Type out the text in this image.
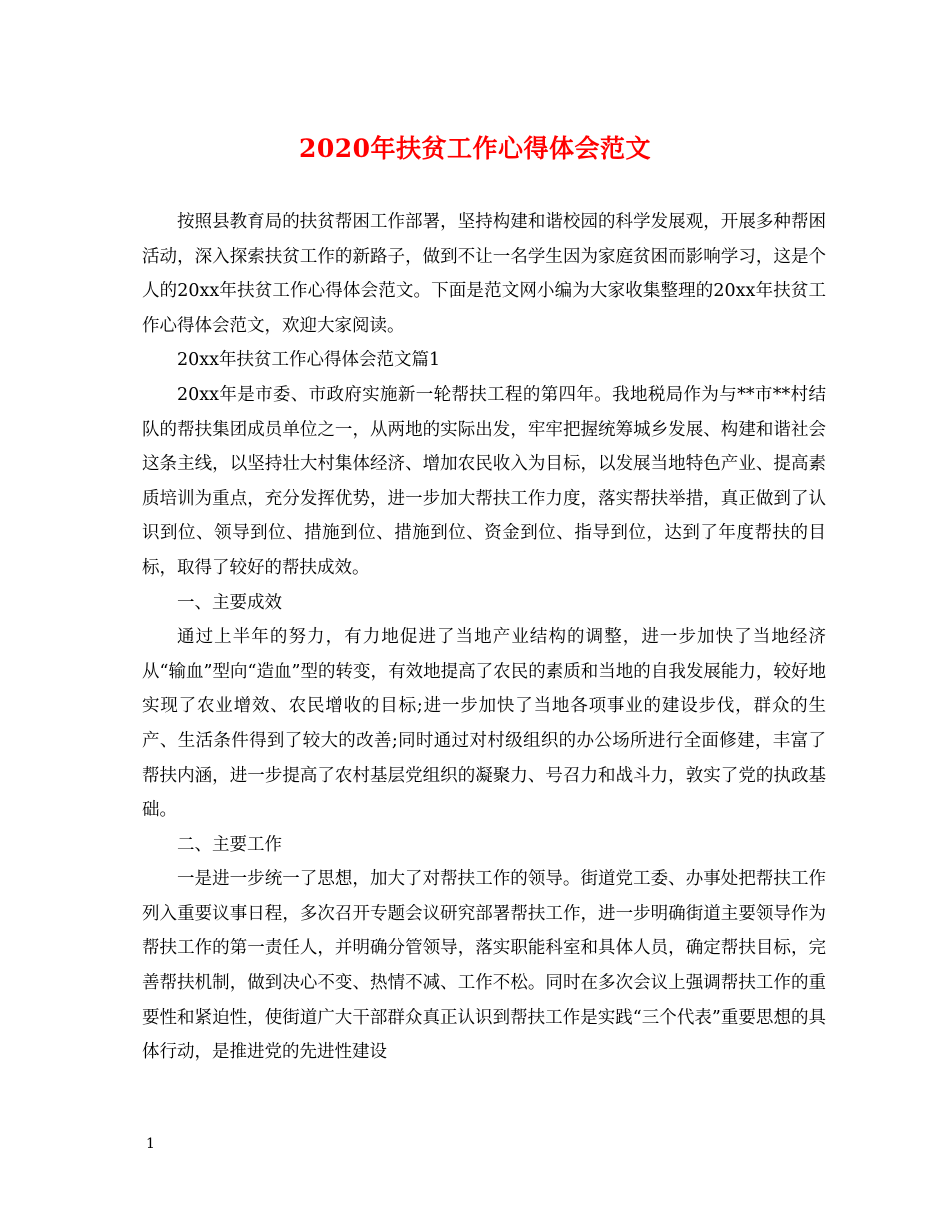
2020年扶贫工作心得体会范文

按照县教育局的扶贫帮困工作部署，坚持构建和谐校园的科学发展观，开展多种帮困活动，深入探索扶贫工作的新路子，做到不让一名学生因为家庭贫困而影响学习，这是个人的20xx年扶贫工作心得体会范文。下面是范文网小编为大家收集整理的20xx年扶贫工作心得体会范文，欢迎大家阅读。

20xx年扶贫工作心得体会范文篇1

20xx年是市委、市政府实施新一轮帮扶工程的第四年。我地税局作为与**市**村结队的帮扶集团成员单位之一，从两地的实际出发，牢牢把握统筹城乡发展、构建和谐社会这条主线，以坚持壮大村集体经济、增加农民收入为目标，以发展当地特色产业、提高素质培训为重点，充分发挥优势，进一步加大帮扶工作力度，落实帮扶举措，真正做到了认识到位、领导到位、措施到位、措施到位、资金到位、指导到位，达到了年度帮扶的目标，取得了较好的帮扶成效。

一、主要成效

通过上半年的努力，有力地促进了当地产业结构的调整，进一步加快了当地经济从“输血”型向“造血”型的转变，有效地提高了农民的素质和当地的自我发展能力，较好地实现了农业增效、农民增收的目标;进一步加快了当地各项事业的建设步伐，群众的生产、生活条件得到了较大的改善;同时通过对村级组织的办公场所进行全面修建，丰富了帮扶内涵，进一步提高了农村基层党组织的凝聚力、号召力和战斗力，敦实了党的执政基础。

二、主要工作

一是进一步统一了思想，加大了对帮扶工作的领导。街道党工委、办事处把帮扶工作列入重要议事日程，多次召开专题会议研究部署帮扶工作，进一步明确街道主要领导作为帮扶工作的第一责任人，并明确分管领导，落实职能科室和具体人员，确定帮扶目标，完善帮扶机制，做到决心不变、热情不减、工作不松。同时在多次会议上强调帮扶工作的重要性和紧迫性，使街道广大干部群众真正认识到帮扶工作是实践“三个代表”重要思想的具体行动，是推进党的先进性建设

1
